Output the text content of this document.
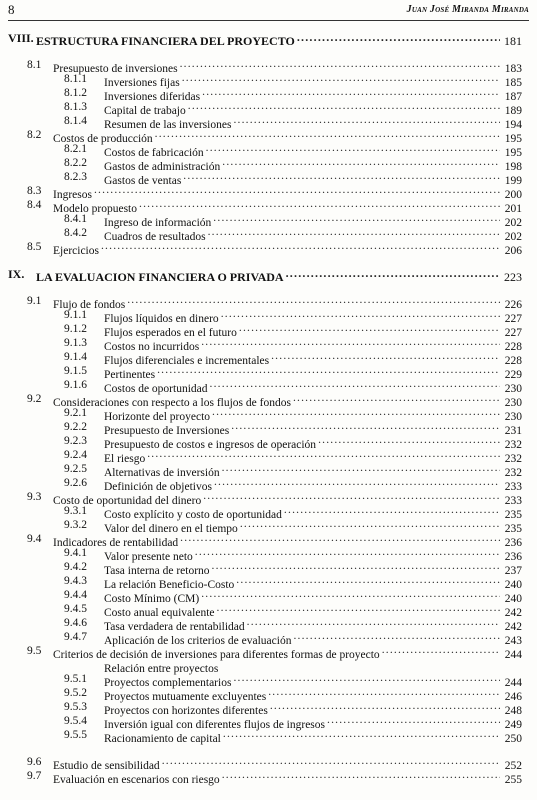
8	Juan José Miranda Miranda
VIII. ESTRUCTURA FINANCIERA DEL PROYECTO .....	181
8.1 Presupuesto de inversiones .....	183
8.1.1 Inversiones fijas .....	185
8.1.2 Inversiones diferidas .....	187
8.1.3 Capital de trabajo .....	189
8.1.4 Resumen de las inversiones .....	194
8.2 Costos de producción .....	195
8.2.1 Costos de fabricación .....	195
8.2.2 Gastos de administración .....	198
8.2.3 Gastos de ventas .....	199
8.3 Ingresos .....	200
8.4 Modelo propuesto .....	201
8.4.1 Ingreso de información .....	202
8.4.2 Cuadros de resultados .....	202
8.5 Ejercicios .....	206
IX. LA EVALUACION FINANCIERA O PRIVADA .....	223
9.1 Flujo de fondos .....	226
9.1.1 Flujos líquidos en dinero .....	227
9.1.2 Flujos esperados en el futuro .....	227
9.1.3 Costos no incurridos .....	228
9.1.4 Flujos diferenciales e incrementales .....	228
9.1.5 Pertinentes .....	229
9.1.6 Costos de oportunidad .....	230
9.2 Consideraciones con respecto a los flujos de fondos .....	230
9.2.1 Horizonte del proyecto .....	230
9.2.2 Presupuesto de Inversiones .....	231
9.2.3 Presupuesto de costos e ingresos de operación .....	232
9.2.4 El riesgo .....	232
9.2.5 Alternativas de inversión .....	232
9.2.6 Definición de objetivos .....	233
9.3 Costo de oportunidad del dinero .....	233
9.3.1 Costo explícito y costo de oportunidad .....	235
9.3.2 Valor del dinero en el tiempo .....	235
9.4 Indicadores de rentabilidad .....	236
9.4.1 Valor presente neto .....	236
9.4.2 Tasa interna de retorno .....	237
9.4.3 La relación Beneficio-Costo .....	240
9.4.4 Costo Mínimo (CM) .....	240
9.4.5 Costo anual equivalente .....	242
9.4.6 Tasa verdadera de rentabilidad .....	242
9.4.7 Aplicación de los criterios de evaluación .....	243
9.5 Criterios de decisión de inversiones para diferentes formas de proyecto .....	244
Relación entre proyectos
9.5.1 Proyectos complementarios .....	244
9.5.2 Proyectos mutuamente excluyentes .....	246
9.5.3 Proyectos con horizontes diferentes .....	248
9.5.4 Inversión igual con diferentes flujos de ingresos .....	249
9.5.5 Racionamiento de capital .....	250
9.6 Estudio de sensibilidad .....	252
9.7 Evaluación en escenarios con riesgo .....	255
